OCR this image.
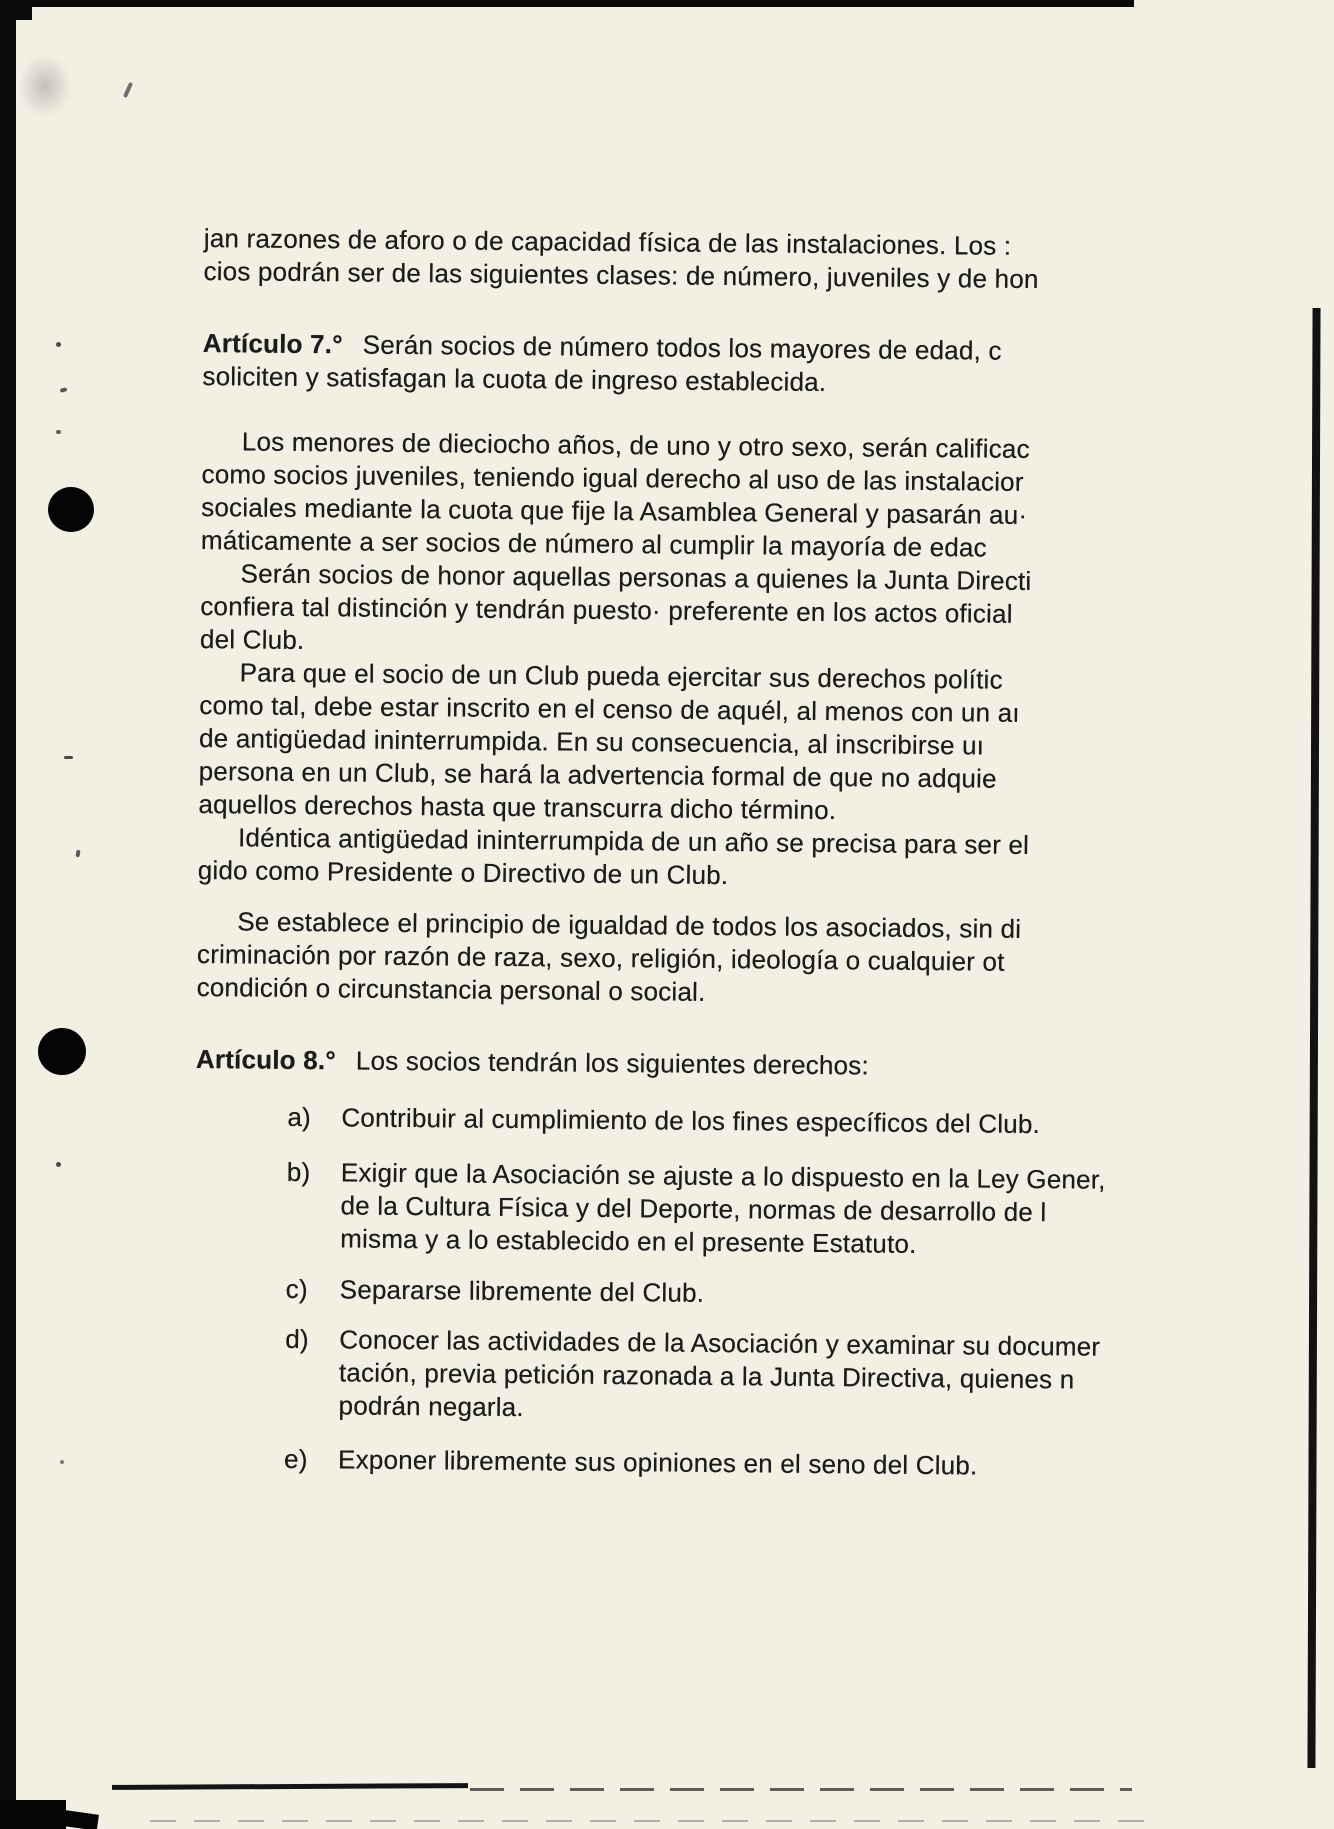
jan razones de aforo o de capacidad física de las instalaciones. Los :
cios podrán ser de las siguientes clases: de número, juveniles y de hon
Artículo 7.° Serán socios de número todos los mayores de edad, c
soliciten y satisfagan la cuota de ingreso establecida.
Los menores de dieciocho años, de uno y otro sexo, serán calificac
como socios juveniles, teniendo igual derecho al uso de las instalacior
sociales mediante la cuota que fije la Asamblea General y pasarán au·
máticamente a ser socios de número al cumplir la mayoría de edac
Serán socios de honor aquellas personas a quienes la Junta Directi
confiera tal distinción y tendrán puesto· preferente en los actos oficial
del Club.
Para que el socio de un Club pueda ejercitar sus derechos polític
como tal, debe estar inscrito en el censo de aquél, al menos con un aı
de antigüedad ininterrumpida. En su consecuencia, al inscribirse uı
persona en un Club, se hará la advertencia formal de que no adquie
aquellos derechos hasta que transcurra dicho término.
Idéntica antigüedad ininterrumpida de un año se precisa para ser el
gido como Presidente o Directivo de un Club.
Se establece el principio de igualdad de todos los asociados, sin di
criminación por razón de raza, sexo, religión, ideología o cualquier ot
condición o circunstancia personal o social.
Artículo 8.° Los socios tendrán los siguientes derechos:
a)	Contribuir al cumplimiento de los fines específicos del Club.
b)	Exigir que la Asociación se ajuste a lo dispuesto en la Ley Gener,
de la Cultura Física y del Deporte, normas de desarrollo de l
misma y a lo establecido en el presente Estatuto.
c)	Separarse libremente del Club.
d)	Conocer las actividades de la Asociación y examinar su documer
tación, previa petición razonada a la Junta Directiva, quienes n
podrán negarla.
e)	Exponer libremente sus opiniones en el seno del Club.
